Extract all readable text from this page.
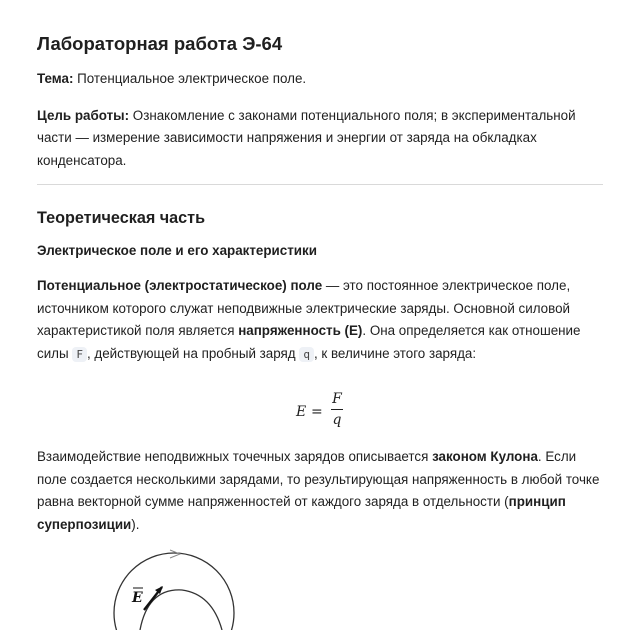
Лабораторная работа Э-64

Тема: Потенциальное электрическое поле.

Цель работы: Ознакомление с законами потенциального поля; в экспериментальной части — измерение зависимости напряжения и энергии от заряда на обкладках конденсатора.

Теоретическая часть
Электрическое поле и его характеристики

Потенциальное (электростатическое) поле — это постоянное электрическое поле, источником которого служат неподвижные электрические заряды. Основной силовой характеристикой поля является напряженность (E). Она определяется как отношение силы F , действующей на пробный заряд q , к величине этого заряда:

E =
F
q

Взаимодействие неподвижных точечных зарядов описывается законом Кулона. Если поле создается несколькими зарядами, то результирующая напряженность в любой точке равна векторной сумме напряженностей от каждого заряда в отдельности (принцип суперпозиции).

E
